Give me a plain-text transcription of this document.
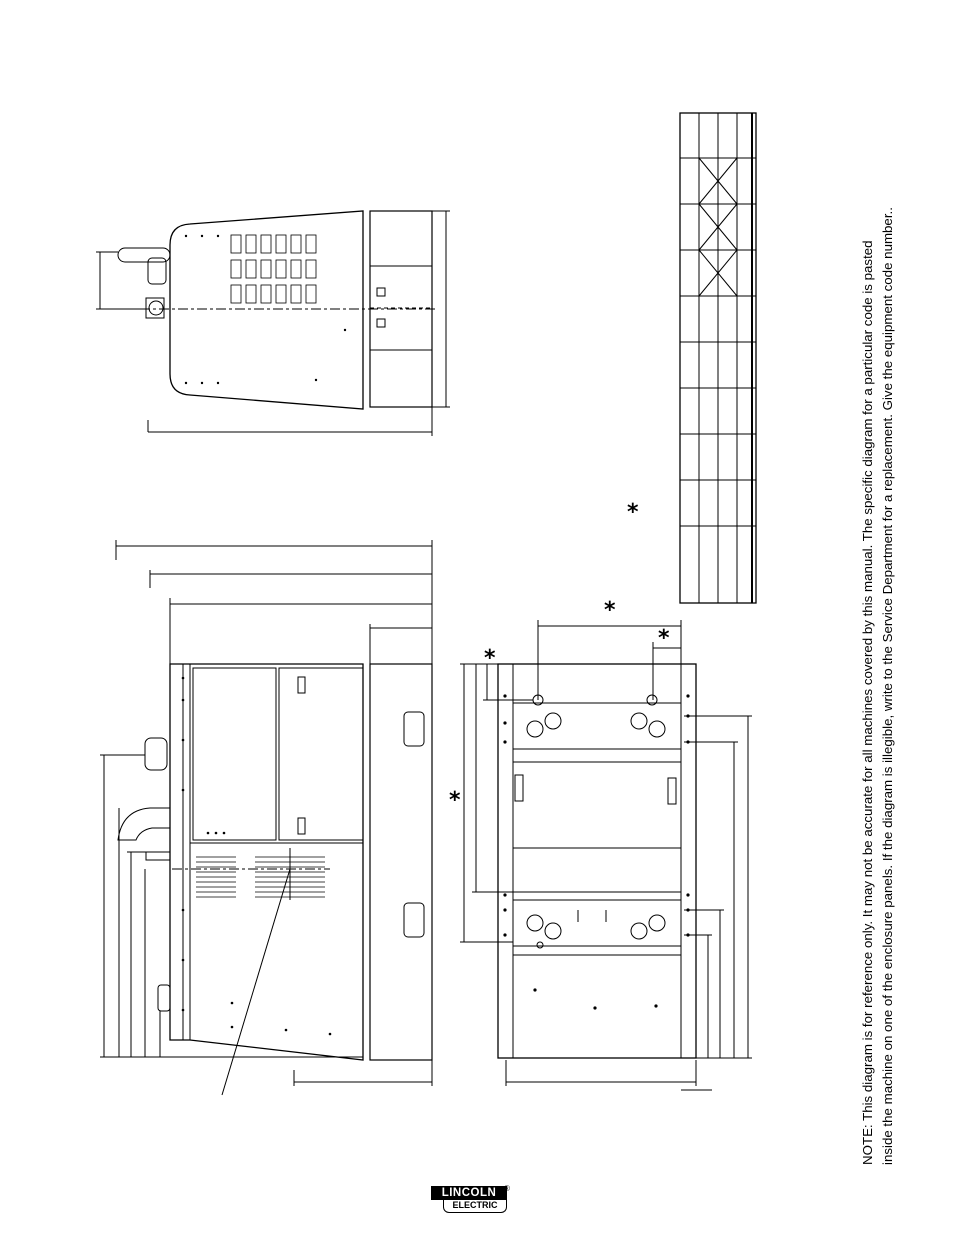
*
*
*
*
*	NOTE: This diagram is for reference only. It may not be accurate for all machines covered by this manual. The specific diagram for a particular code is pasted inside the machine on one of the enclosure panels. If the diagram is illegible, write to the Service Department for a replacement. Give the equipment code number..
LINCOLN ®
ELECTRIC
